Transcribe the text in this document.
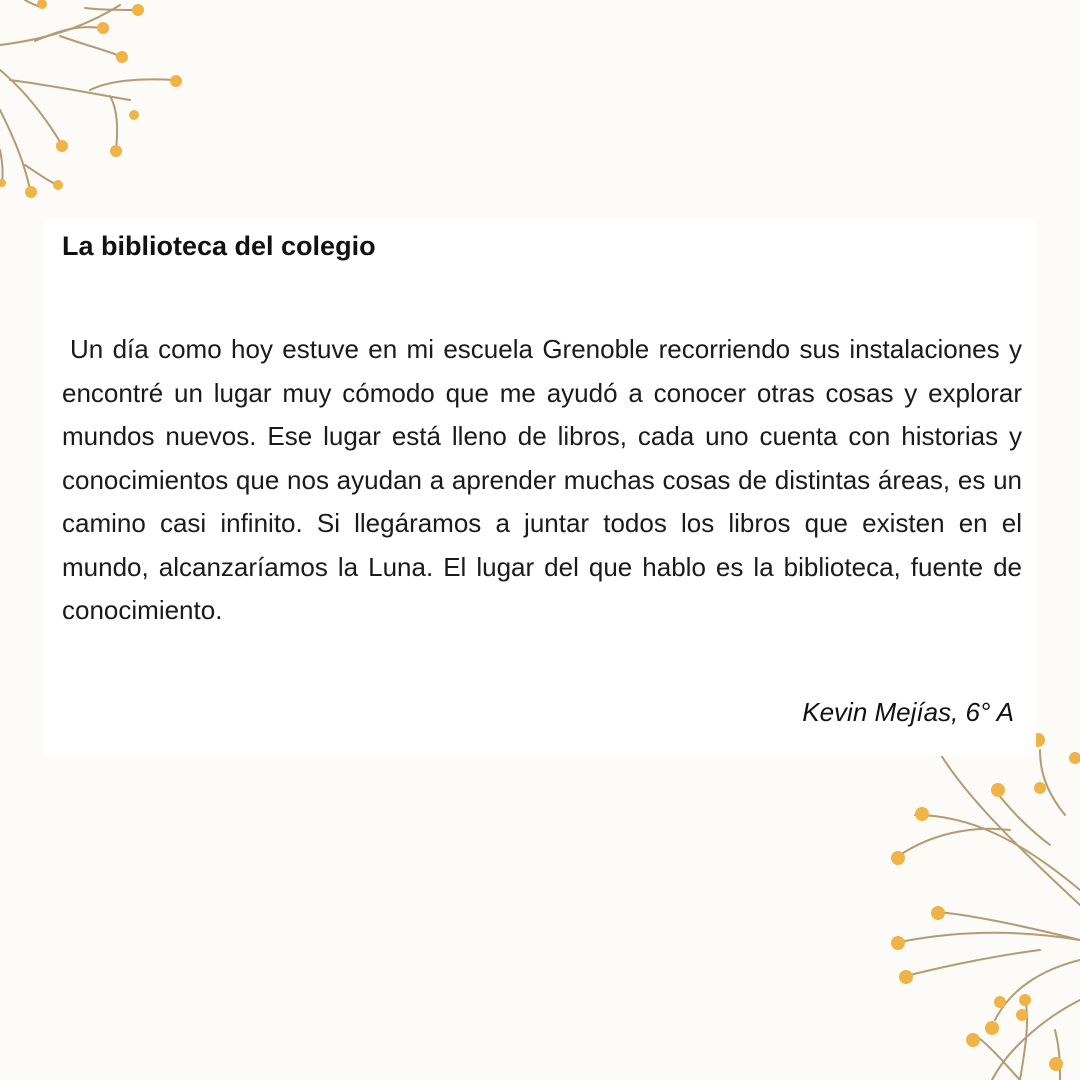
La biblioteca del colegio

Un día como hoy estuve en mi escuela Grenoble recorriendo sus instalaciones y encontré un lugar muy cómodo que me ayudó a conocer otras cosas y explorar mundos nuevos. Ese lugar está lleno de libros, cada uno cuenta con historias y conocimientos que nos ayudan a aprender muchas cosas de distintas áreas, es un camino casi infinito. Si llegáramos a juntar todos los libros que existen en el mundo, alcanzaríamos la Luna. El lugar del que hablo es la biblioteca, fuente de conocimiento.

Kevin Mejías, 6° A
